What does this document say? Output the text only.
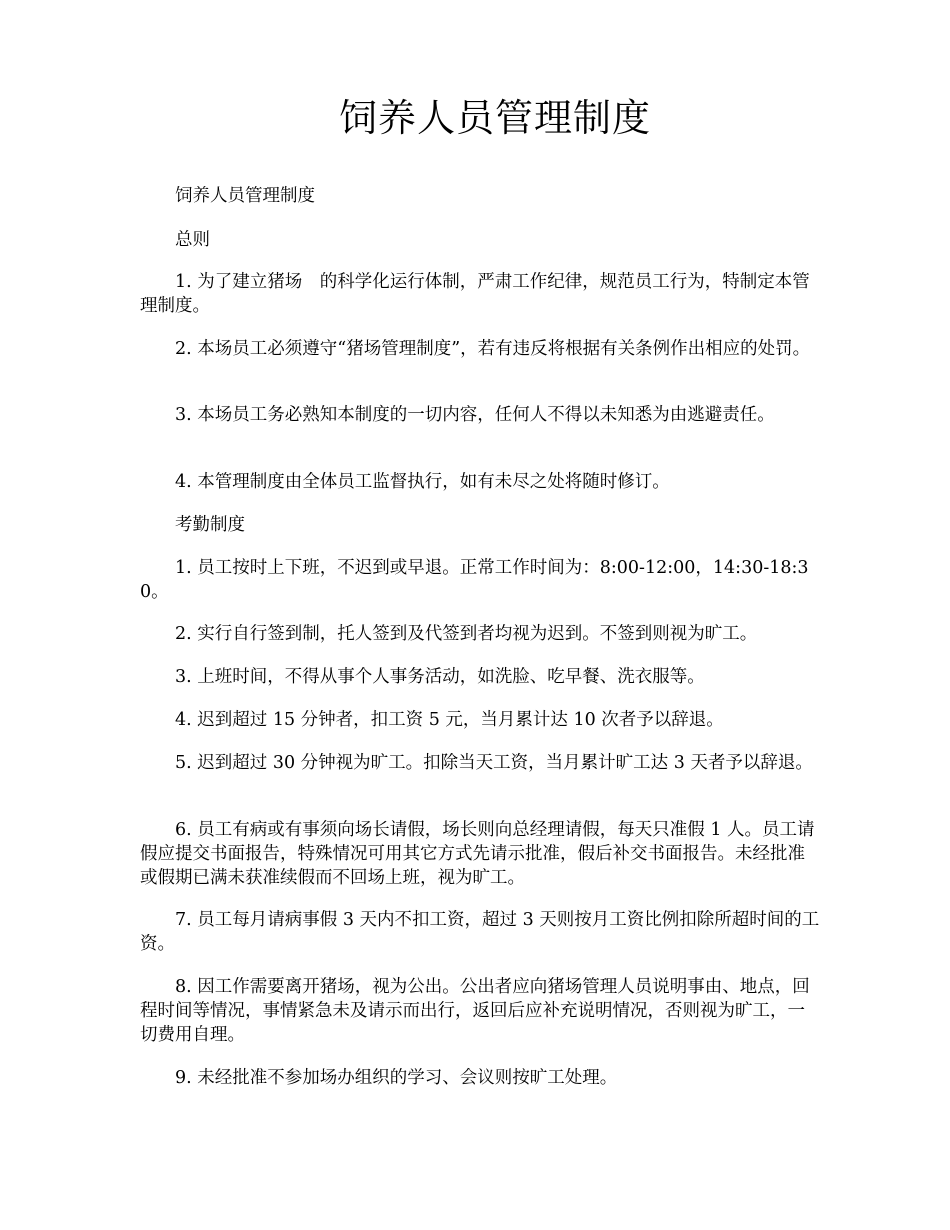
饲养人员管理制度

饲养人员管理制度

总则

1. 为了建立猪场　的科学化运行体制，严肃工作纪律，规范员工行为，特制定本管理制度。

2. 本场员工必须遵守“猪场管理制度”，若有违反将根据有关条例作出相应的处罚。

3. 本场员工务必熟知本制度的一切内容，任何人不得以未知悉为由逃避责任。

4. 本管理制度由全体员工监督执行，如有未尽之处将随时修订。

考勤制度

1. 员工按时上下班，不迟到或早退。正常工作时间为：8:00-12:00，14:30-18:30。

2. 实行自行签到制，托人签到及代签到者均视为迟到。不签到则视为旷工。

3. 上班时间，不得从事个人事务活动，如洗脸、吃早餐、洗衣服等。

4. 迟到超过 15 分钟者，扣工资 5 元，当月累计达 10 次者予以辞退。

5. 迟到超过 30 分钟视为旷工。扣除当天工资，当月累计旷工达 3 天者予以辞退。

6. 员工有病或有事须向场长请假，场长则向总经理请假，每天只准假 1 人。员工请假应提交书面报告，特殊情况可用其它方式先请示批准，假后补交书面报告。未经批准或假期已满未获准续假而不回场上班，视为旷工。

7. 员工每月请病事假 3 天内不扣工资，超过 3 天则按月工资比例扣除所超时间的工资。

8. 因工作需要离开猪场，视为公出。公出者应向猪场管理人员说明事由、地点，回程时间等情况，事情紧急未及请示而出行，返回后应补充说明情况，否则视为旷工，一切费用自理。

9. 未经批准不参加场办组织的学习、会议则按旷工处理。
